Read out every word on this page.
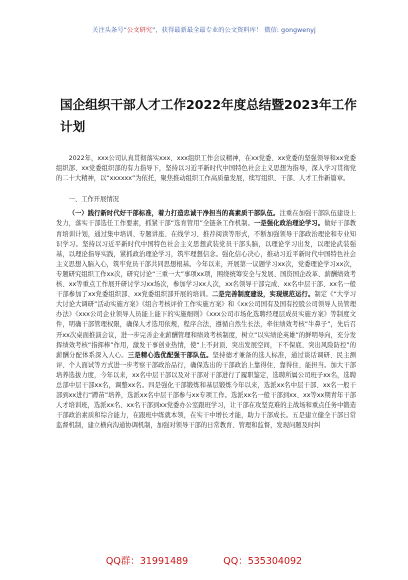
关注头条号“公文研究”，获得最新最全最专业的公文资料库！ 微信: gongwenyj
国企组织干部人才工作2022年度总结暨2023年工作计划

2022年，xxx公司认真贯彻落实xxx、xxx组织工作会议精神，在xx党委、xx党委的坚强领导和xx党委组织部、xx党委组织部的有力指导下，坚持以习近平新时代中国特色社会主义思想为指导，深入学习贯彻党的二十大精神，以“xxxxxx”为依托，聚焦推动组织工作高质量发展，续写组织、干部、人才工作新篇章。

一、工作开展情况

（一）践行新时代好干部标准，着力打造忠诚干净担当的高素质干部队伍。注重在加强干部队伍建设上发力，落实干部选任工作要素，抓紧干部“选育管用”全链条工作机制。一是强化政治理论学习。做好干部教育培训计划，通过集中培训、专题讲座、在线学习、推荐阅读等形式，不断加强领导干部政治理论和专业知识学习。坚持以习近平新时代中国特色社会主义思想武装党员干部头脑，以理论学习出发，以理论武装强基，以理论指导实践，紧抓政治理论学习，筑牢理想信念。强化信心决心，推动习近平新时代中国特色社会主义思想入脑入心，筑牢党员干部共同思想根基。今年以来，开展第一议题学习xx次，党委理论学习xx次，专题研究组织工作xx次，研究讨论“三重一大”事项xx项，围绕统筹安全与发展、国资国企改革、薪酬绩效考核、xx等重点工作展开研讨学习xx场次，参加学习xx人次，xx名领导干部完成、xx名中层干部、xx名一般干部参加了xx党委组织部、xx党委组织部开展的培训。二是完善制度建设，实现规范运行。制定《“大学习大讨论大调研”活动实施方案》《组合考核评价工作实施方案》和《xx公司国有及国有控股公司领导人员管理办法》《xxx公司企业领导人员能上能下的实施细则》《xxx公司市场化选聘经理层成员实施方案》等制度文件，明确干部管理权限，确保人才选用依规，程序合法，遵循自然生长法，牵住绩效考核“牛鼻子”，先后召开xx次桌面推演会议，进一步完善企业薪酬管理和绩效考核制度，树立“以实绩论英雄”的鲜明导向，充分发挥绩效考核“指挥棒”作用，激发干事创业热情，使“上不封顶、突出发展空间，下不保底、突出风险防控”的薪酬分配体系深入人心。三是精心选优配强干部队伍。坚持德才兼备的选人标准，通过谈话调研、民主测评、个人面试等方式进一步考察干部政治品行，确保选出的干部政治上靠得住、靠得住、能担当。加大干部培养选拔力度，今年以来，xx名中层干部以及对干部对干部进行了履职鉴定，选聘所属公司班子xx名，选聘总部中层干部xx名，调整xx名。四是强化干部锻炼和基层锻炼今年以来，选派xx名中层干部、xx名一般干部到xx进行“蹲苗”培养，选派xx名中层干部参与xx专项工作。选派xx名一般干部到xx、xx等xx期青年干部人才培训班，选派xx名、xx名干部到xx党委办公室跟班学习，让干部在攻坚克难的主战场和重点任务中锻造干部政治素质和综合能力，在跟班中练就本领，在实干中增长才能，助力干部成长。五是建立健全干部日常监督机制，建立横向沟通协调机制，加强对领导干部的日常教育、管理和监督，发现问题及时纠

QQ群：31991489	QQ：535304092
